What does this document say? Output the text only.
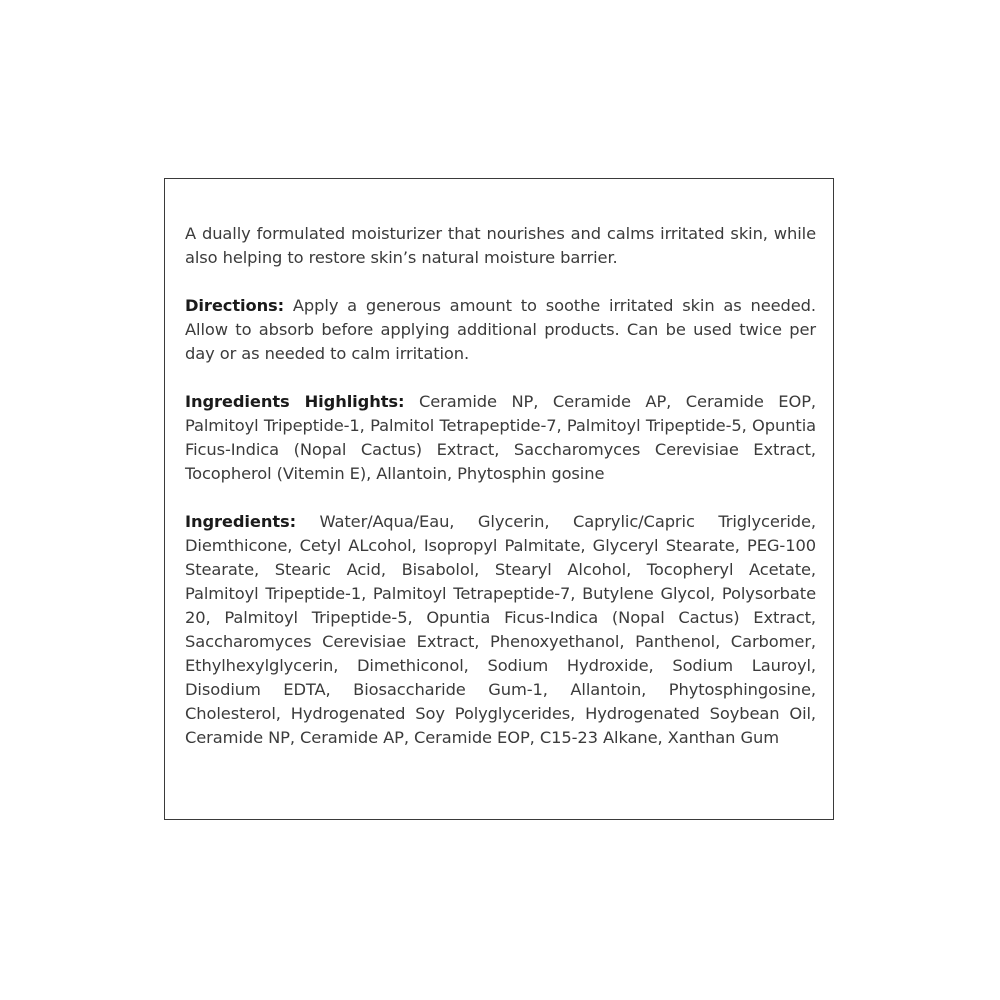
A dually formulated moisturizer that nourishes and calms irritated skin, while also helping to restore skin’s natural moisture barrier.

Directions: Apply a generous amount to soothe irritated skin as needed. Allow to absorb before applying additional products. Can be used twice per day or as needed to calm irritation.

Ingredients Highlights: Ceramide NP, Ceramide AP, Ceramide EOP, Palmitoyl Tripeptide-1, Palmitol Tetrapeptide-7, Palmitoyl Tripeptide-5, Opuntia Ficus-Indica (Nopal Cactus) Extract, Saccharomyces Cerevisiae Extract, Tocopherol (Vitemin E), Allantoin, Phytosphin gosine

Ingredients: Water/Aqua/Eau, Glycerin, Caprylic/Capric Triglyceride, Diemthicone, Cetyl ALcohol, Isopropyl Palmitate, Glyceryl Stearate, PEG-100 Stearate, Stearic Acid, Bisabolol, Stearyl Alcohol, Tocopheryl Acetate, Palmitoyl Tripeptide-1, Palmitoyl Tetrapeptide-7, Butylene Glycol, Polysorbate 20, Palmitoyl Tripeptide-5, Opuntia Ficus-Indica (Nopal Cactus) Extract, Saccharomyces Cerevisiae Extract, Phenoxyethanol, Panthenol, Carbomer, Ethylhexylglycerin, Dimethiconol, Sodium Hydroxide, Sodium Lauroyl, Disodium EDTA, Biosaccharide Gum-1, Allantoin, Phytosphingosine, Cholesterol, Hydrogenated Soy Polyglycerides, Hydrogenated Soybean Oil, Ceramide NP, Ceramide AP, Ceramide EOP, C15-23 Alkane, Xanthan Gum
